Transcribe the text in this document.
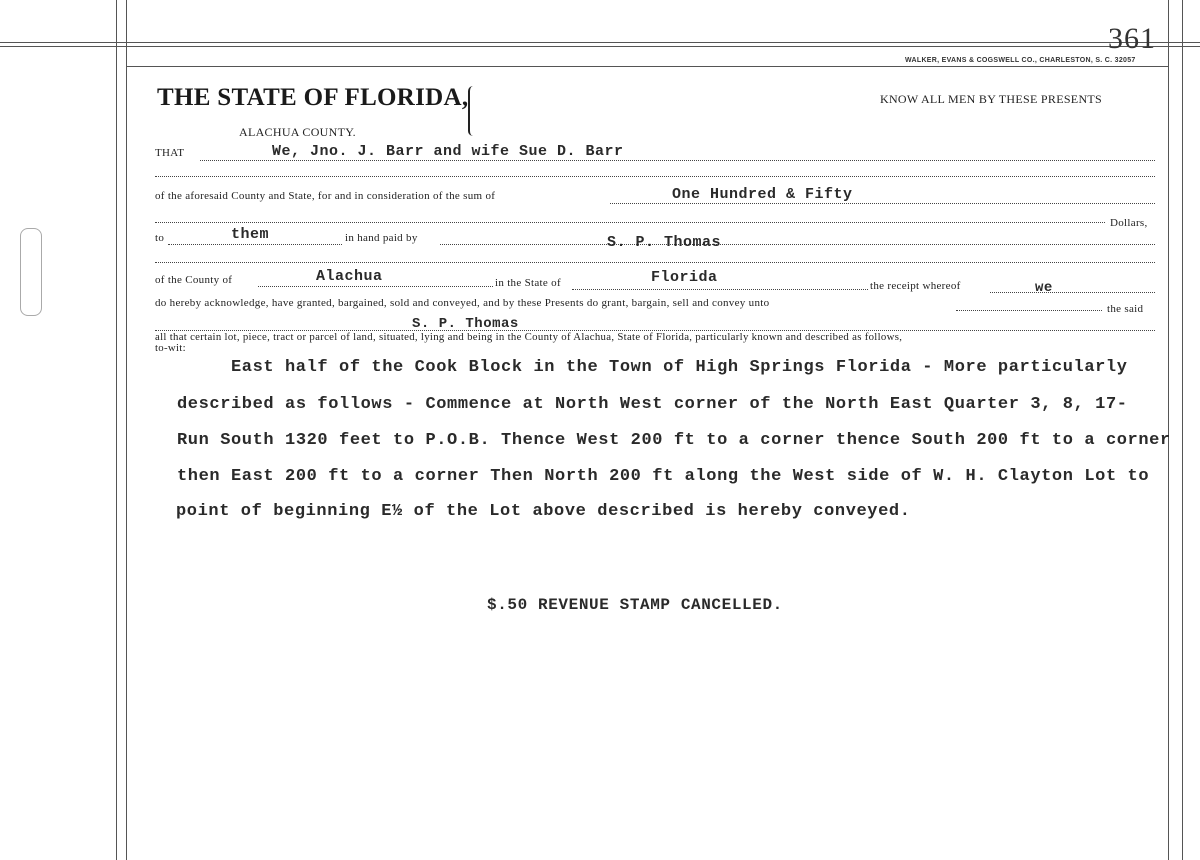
361
WALKER, EVANS & COGSWELL CO., CHARLESTON, S. C. 32057
THE STATE OF FLORIDA,
ALACHUA COUNTY.
KNOW ALL MEN BY THESE PRESENTS
THAT	We, Jno. J. Barr and wife Sue D. Barr
of the aforesaid County and State, for and in consideration of the sum of	One Hundred & Fifty
Dollars,
to	them	in hand paid by	S. P. Thomas
of the County of	Alachua	in the State of	Florida	the receipt whereof	we
do hereby acknowledge, have granted, bargained, sold and conveyed, and by these Presents do grant, bargain, sell and convey unto	the said
S. P. Thomas
all that certain lot, piece, tract or parcel of land, situated, lying and being in the County of Alachua, State of Florida, particularly known and described as follows,
to-wit:
East half of the Cook Block in the Town of High Springs Florida - More particularly
described as follows - Commence at North West corner of the North East Quarter 3, 8, 17-
Run South 1320 feet to P.O.B. Thence West 200 ft to a corner thence South 200 ft to a corner
then East 200 ft to a corner Then North 200 ft along the West side of W. H. Clayton Lot to
point of beginning E½ of the Lot above described is hereby conveyed.
$.50 REVENUE STAMP CANCELLED.
